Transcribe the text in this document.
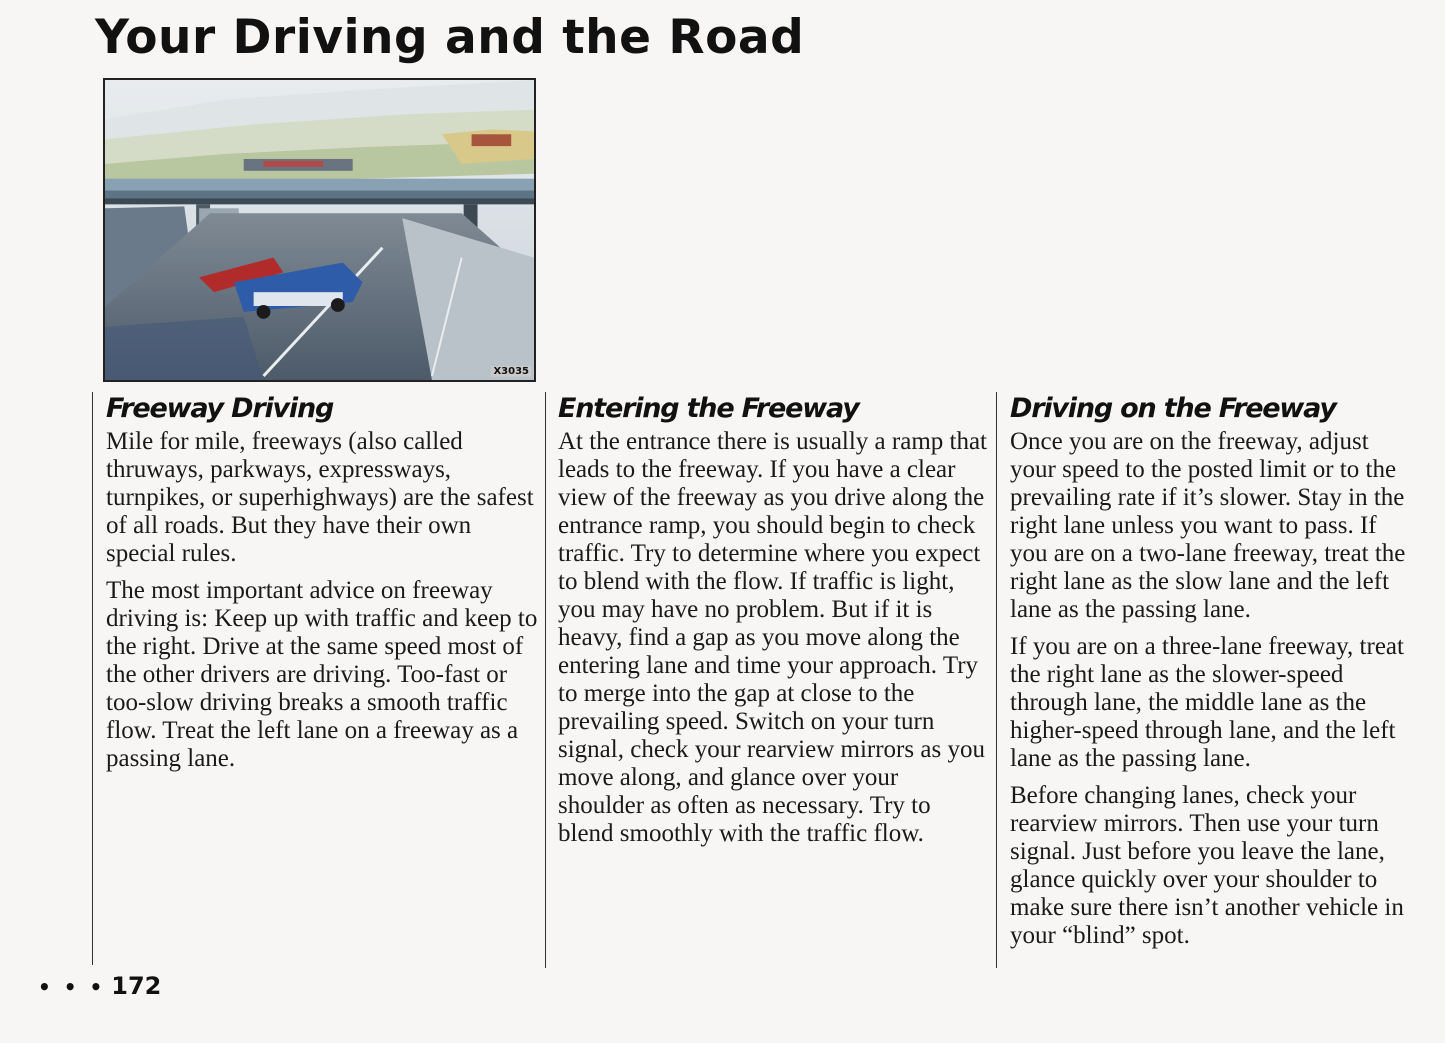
Your Driving and the Road
X3035
Freeway Driving

Mile for mile, freeways (also called thruways, parkways, expressways, turnpikes, or superhighways) are the safest of all roads. But they have their own special rules.

The most important advice on freeway driving is: Keep up with traffic and keep to the right. Drive at the same speed most of the other drivers are driving. Too-fast or too-slow driving breaks a smooth traffic flow. Treat the left lane on a freeway as a passing lane.

Entering the Freeway

At the entrance there is usually a ramp that leads to the freeway. If you have a clear view of the freeway as you drive along the entrance ramp, you should begin to check traffic. Try to determine where you expect to blend with the flow. If traffic is light, you may have no problem. But if it is heavy, find a gap as you move along the entering lane and time your approach. Try to merge into the gap at close to the prevailing speed. Switch on your turn signal, check your rearview mirrors as you move along, and glance over your shoulder as often as necessary. Try to blend smoothly with the traffic flow.

Driving on the Freeway

Once you are on the freeway, adjust your speed to the posted limit or to the prevailing rate if it’s slower. Stay in the right lane unless you want to pass. If you are on a two-lane freeway, treat the right lane as the slow lane and the left lane as the passing lane.

If you are on a three-lane freeway, treat the right lane as the slower-speed through lane, the middle lane as the higher-speed through lane, and the left lane as the passing lane.

Before changing lanes, check your rearview mirrors. Then use your turn signal. Just before you leave the lane, glance quickly over your shoulder to make sure there isn’t another vehicle in your “blind” spot.

• • • 172
